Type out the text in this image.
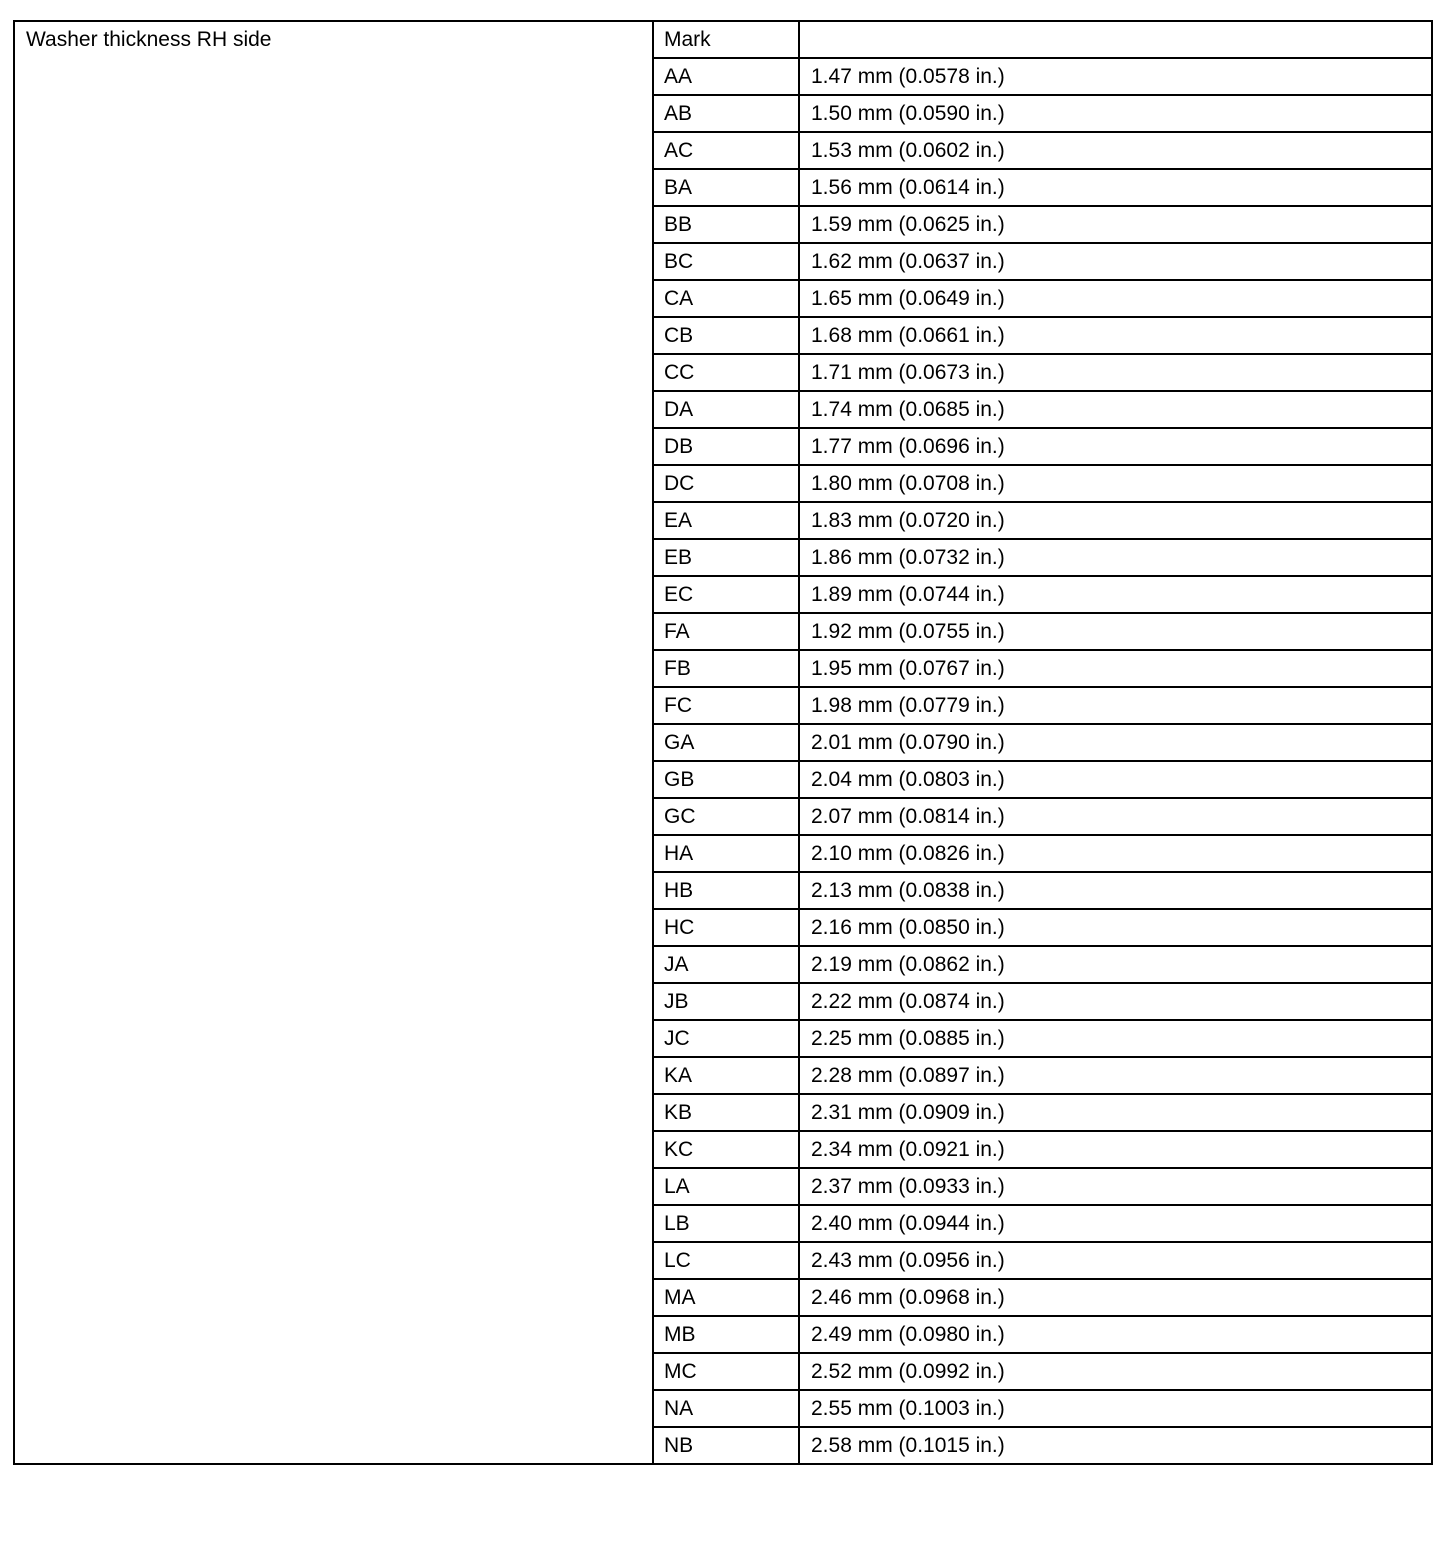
Washer thickness RH side	Mark	
	AA	1.47 mm (0.0578 in.)
	AB	1.50 mm (0.0590 in.)
	AC	1.53 mm (0.0602 in.)
	BA	1.56 mm (0.0614 in.)
	BB	1.59 mm (0.0625 in.)
	BC	1.62 mm (0.0637 in.)
	CA	1.65 mm (0.0649 in.)
	CB	1.68 mm (0.0661 in.)
	CC	1.71 mm (0.0673 in.)
	DA	1.74 mm (0.0685 in.)
	DB	1.77 mm (0.0696 in.)
	DC	1.80 mm (0.0708 in.)
	EA	1.83 mm (0.0720 in.)
	EB	1.86 mm (0.0732 in.)
	EC	1.89 mm (0.0744 in.)
	FA	1.92 mm (0.0755 in.)
	FB	1.95 mm (0.0767 in.)
	FC	1.98 mm (0.0779 in.)
	GA	2.01 mm (0.0790 in.)
	GB	2.04 mm (0.0803 in.)
	GC	2.07 mm (0.0814 in.)
	HA	2.10 mm (0.0826 in.)
	HB	2.13 mm (0.0838 in.)
	HC	2.16 mm (0.0850 in.)
	JA	2.19 mm (0.0862 in.)
	JB	2.22 mm (0.0874 in.)
	JC	2.25 mm (0.0885 in.)
	KA	2.28 mm (0.0897 in.)
	KB	2.31 mm (0.0909 in.)
	KC	2.34 mm (0.0921 in.)
	LA	2.37 mm (0.0933 in.)
	LB	2.40 mm (0.0944 in.)
	LC	2.43 mm (0.0956 in.)
	MA	2.46 mm (0.0968 in.)
	MB	2.49 mm (0.0980 in.)
	MC	2.52 mm (0.0992 in.)
	NA	2.55 mm (0.1003 in.)
	NB	2.58 mm (0.1015 in.)
